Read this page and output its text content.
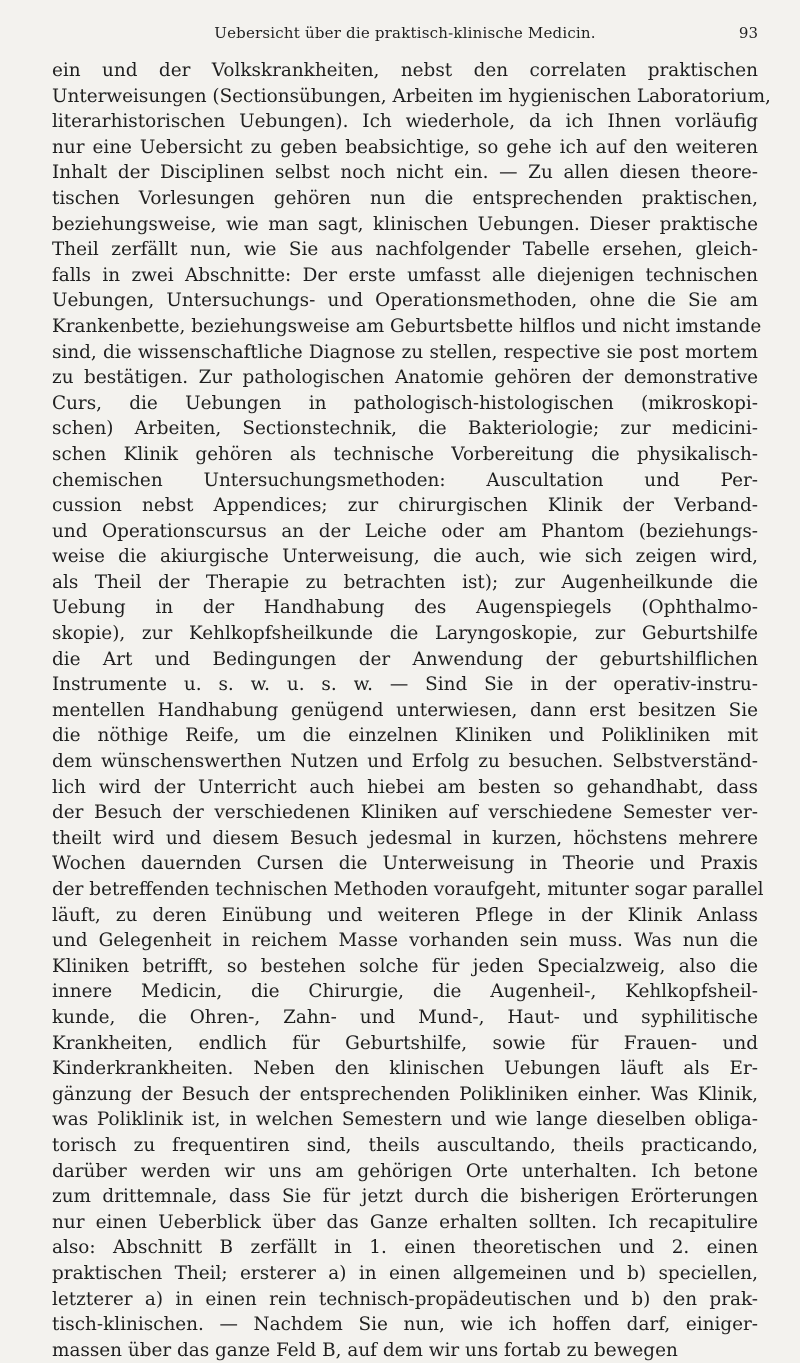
Uebersicht über die praktisch-klinische Medicin.	93
ein und der Volkskrankheiten, nebst den correlaten praktischen
Unterweisungen (Sectionsübungen, Arbeiten im hygienischen Laboratorium,
literarhistorischen Uebungen). Ich wiederhole, da ich Ihnen vorläufig
nur eine Uebersicht zu geben beabsichtige, so gehe ich auf den weiteren
Inhalt der Disciplinen selbst noch nicht ein. — Zu allen diesen theore-
tischen Vorlesungen gehören nun die entsprechenden praktischen,
beziehungsweise, wie man sagt, klinischen Uebungen. Dieser praktische
Theil zerfällt nun, wie Sie aus nachfolgender Tabelle ersehen, gleich-
falls in zwei Abschnitte: Der erste umfasst alle diejenigen technischen
Uebungen, Untersuchungs- und Operationsmethoden, ohne die Sie am
Krankenbette, beziehungsweise am Geburtsbette hilflos und nicht imstande
sind, die wissenschaftliche Diagnose zu stellen, respective sie post mortem
zu bestätigen. Zur pathologischen Anatomie gehören der demonstrative
Curs, die Uebungen in pathologisch-histologischen (mikroskopi-
schen) Arbeiten, Sectionstechnik, die Bakteriologie; zur medicini-
schen Klinik gehören als technische Vorbereitung die physikalisch-
chemischen Untersuchungsmethoden: Auscultation und Per-
cussion nebst Appendices; zur chirurgischen Klinik der Verband-
und Operationscursus an der Leiche oder am Phantom (beziehungs-
weise die akiurgische Unterweisung, die auch, wie sich zeigen wird,
als Theil der Therapie zu betrachten ist); zur Augenheilkunde die
Uebung in der Handhabung des Augenspiegels (Ophthalmo-
skopie), zur Kehlkopfsheilkunde die Laryngoskopie, zur Geburtshilfe
die Art und Bedingungen der Anwendung der geburtshilflichen
Instrumente u. s. w. u. s. w. — Sind Sie in der operativ-instru-
mentellen Handhabung genügend unterwiesen, dann erst besitzen Sie
die nöthige Reife, um die einzelnen Kliniken und Polikliniken mit
dem wünschenswerthen Nutzen und Erfolg zu besuchen. Selbstverständ-
lich wird der Unterricht auch hiebei am besten so gehandhabt, dass
der Besuch der verschiedenen Kliniken auf verschiedene Semester ver-
theilt wird und diesem Besuch jedesmal in kurzen, höchstens mehrere
Wochen dauernden Cursen die Unterweisung in Theorie und Praxis
der betreffenden technischen Methoden voraufgeht, mitunter sogar parallel
läuft, zu deren Einübung und weiteren Pflege in der Klinik Anlass
und Gelegenheit in reichem Masse vorhanden sein muss. Was nun die
Kliniken betrifft, so bestehen solche für jeden Specialzweig, also die
innere Medicin, die Chirurgie, die Augenheil-, Kehlkopfsheil-
kunde, die Ohren-, Zahn- und Mund-, Haut- und syphilitische
Krankheiten, endlich für Geburtshilfe, sowie für Frauen- und
Kinderkrankheiten. Neben den klinischen Uebungen läuft als Er-
gänzung der Besuch der entsprechenden Polikliniken einher. Was Klinik,
was Poliklinik ist, in welchen Semestern und wie lange dieselben obliga-
torisch zu frequentiren sind, theils auscultando, theils practicando,
darüber werden wir uns am gehörigen Orte unterhalten. Ich betone
zum drittemnale, dass Sie für jetzt durch die bisherigen Erörterungen
nur einen Ueberblick über das Ganze erhalten sollten. Ich recapitulire
also: Abschnitt B zerfällt in 1. einen theoretischen und 2. einen
praktischen Theil; ersterer a) in einen allgemeinen und b) speciellen,
letzterer a) in einen rein technisch-propädeutischen und b) den prak-
tisch-klinischen. — Nachdem Sie nun, wie ich hoffen darf, einiger-
massen über das ganze Feld B, auf dem wir uns fortab zu bewegen
